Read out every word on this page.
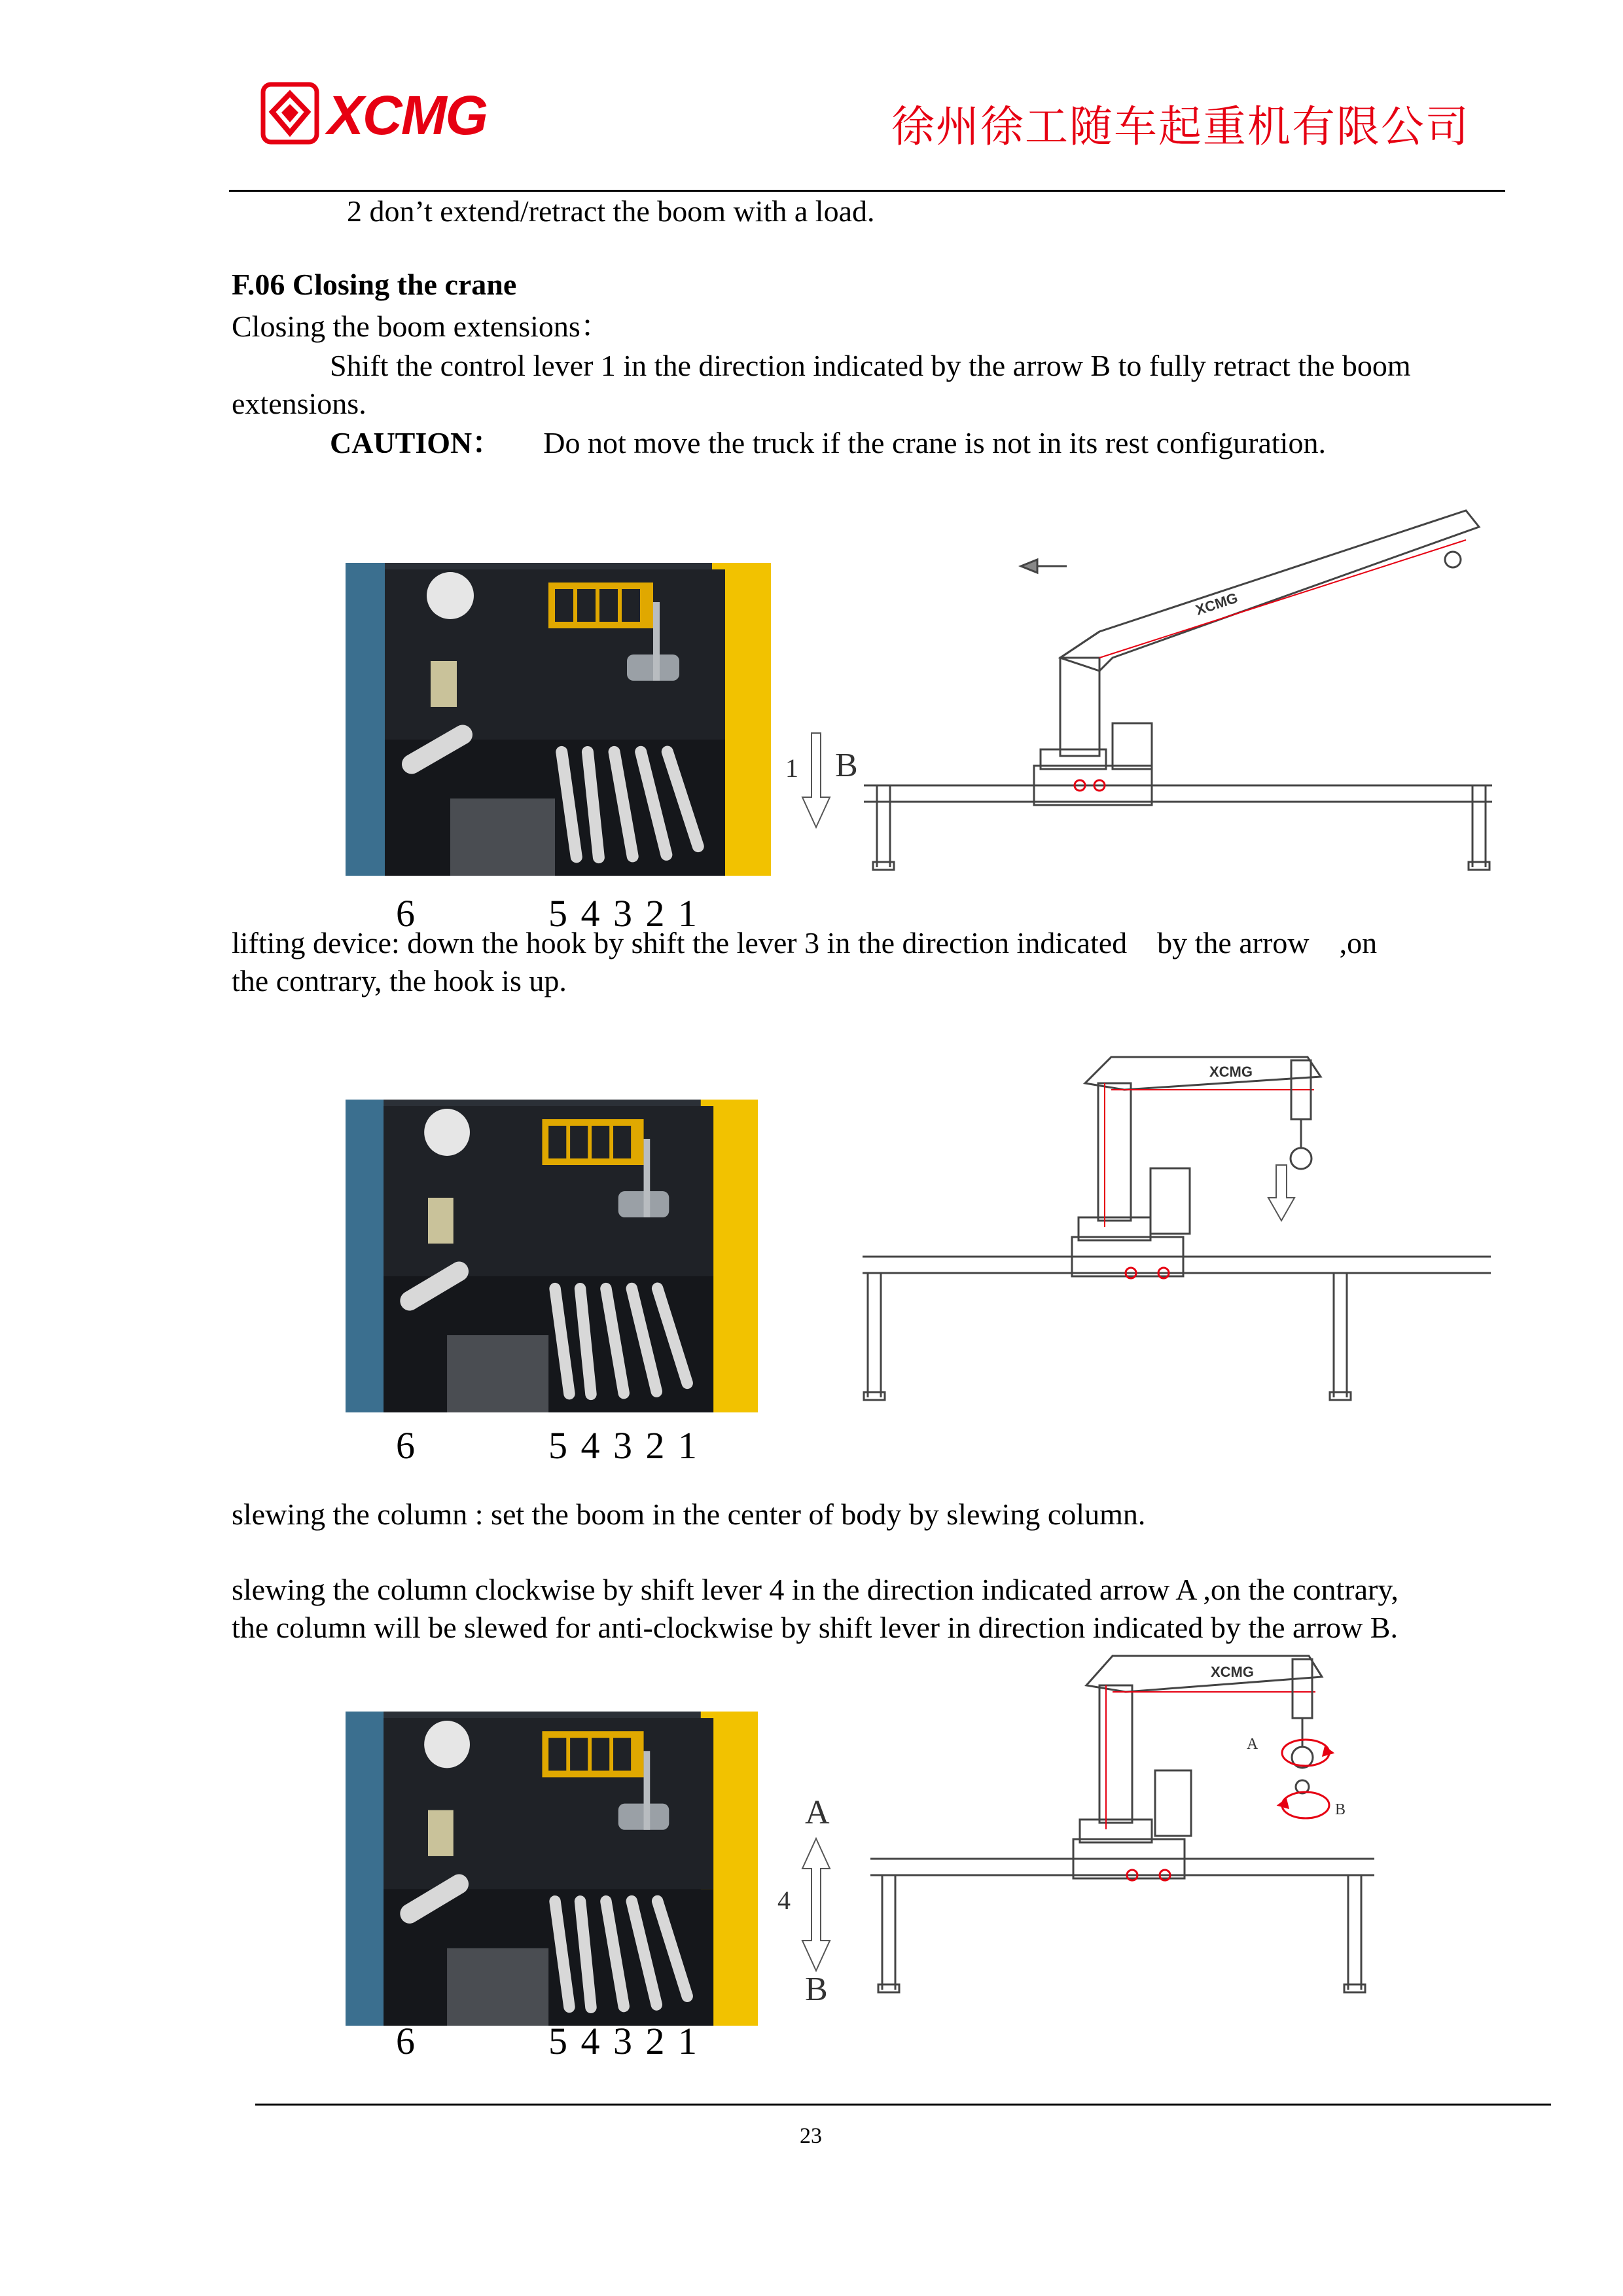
XCMG	徐州徐工随车起重机有限公司
2 don’t extend/retract the boom with a load.
F.06 Closing the crane
Closing the boom extensions：
Shift the control lever 1 in the direction indicated by the arrow B to fully retract the boom
extensions.
CAUTION： Do not move the truck if the crane is not in its rest configuration.
6	5 4 3 2 1
1 B
XCMG
lifting device: down the hook by shift the lever 3 in the direction indicated    by the arrow    ,on
the contrary, the hook is up.
6	5 4 3 2 1
XCMG
slewing the column : set the boom in the center of body by slewing column.
slewing the column clockwise by shift lever 4 in the direction indicated arrow A ,on the contrary,
the column will be slewed for anti-clockwise by shift lever in direction indicated by the arrow B.
6	5 4 3 2 1
A
4
B
XCMG
A
B
23
